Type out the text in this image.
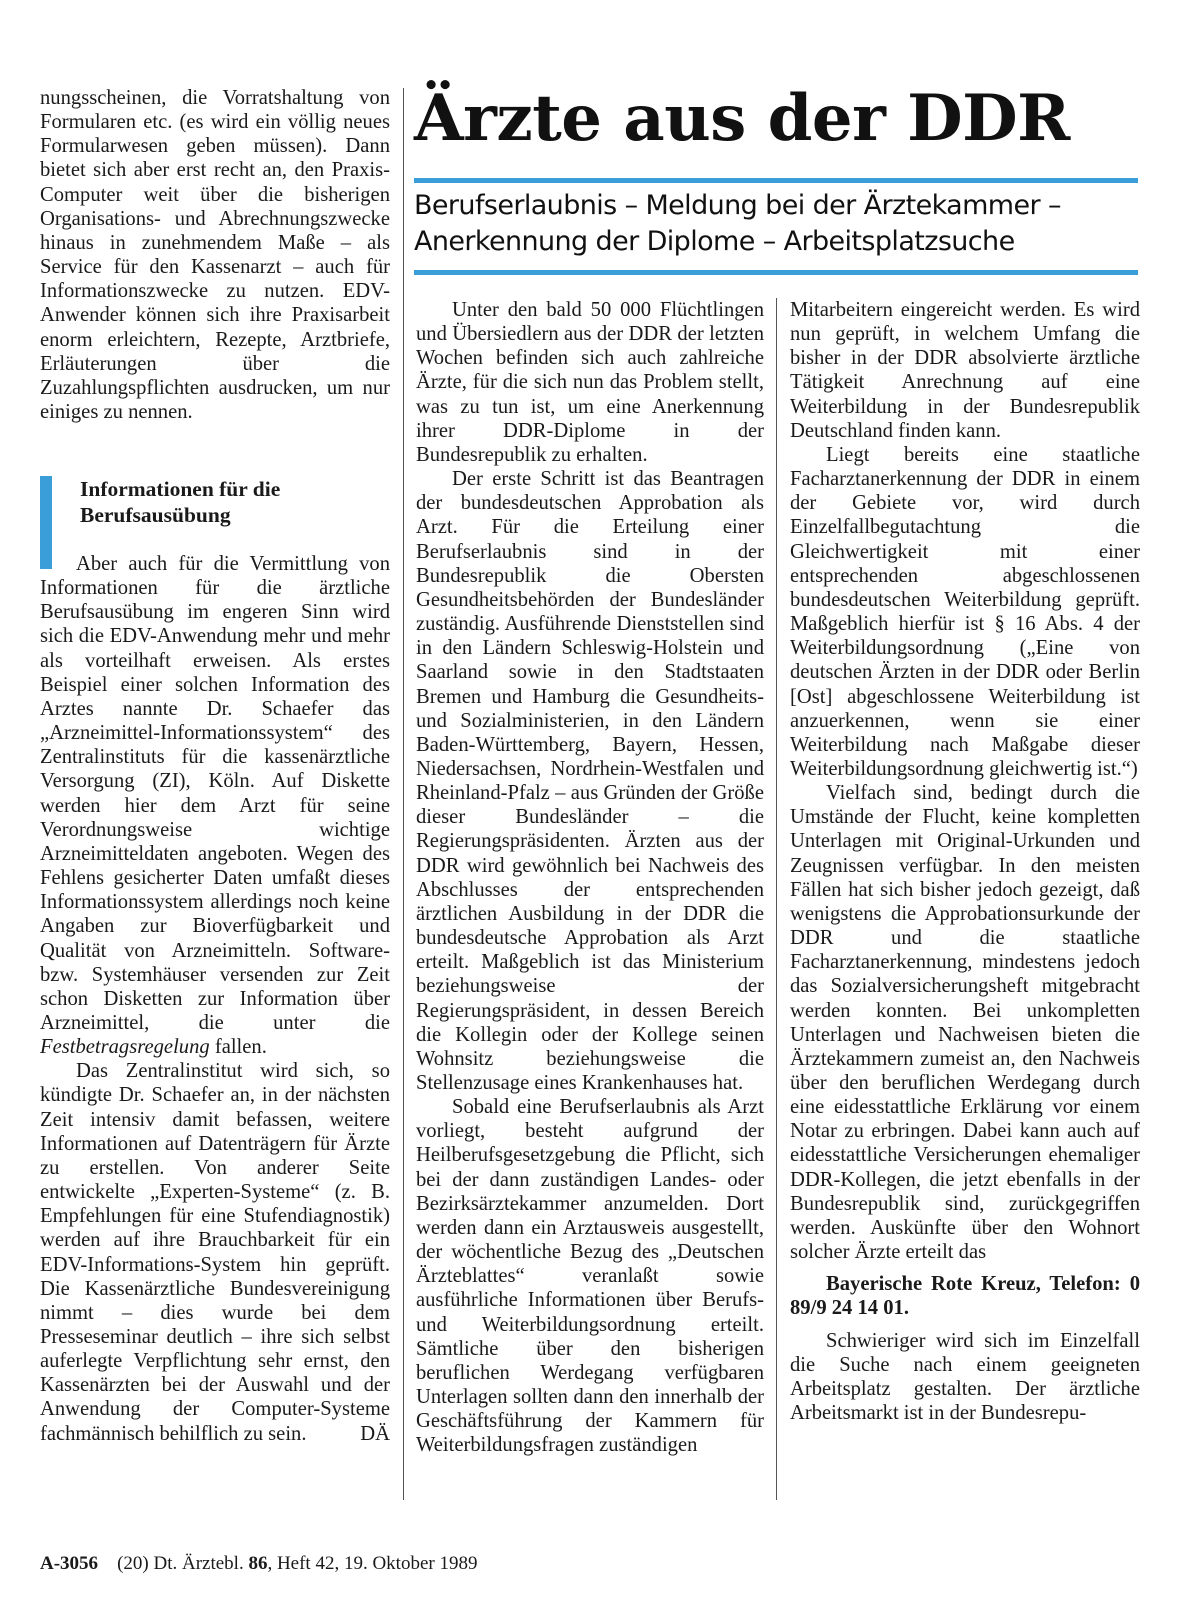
Ärzte aus der DDR
Berufserlaubnis – Meldung bei der Ärztekammer – Anerkennung der Diplome – Arbeitsplatzsuche

nungsscheinen, die Vorratshaltung von Formularen etc. (es wird ein völlig neues Formularwesen geben müssen). Dann bietet sich aber erst recht an, den Praxis-Computer weit über die bisherigen Organisations- und Abrechnungszwecke hinaus in zunehmendem Maße – als Service für den Kassenarzt – auch für Informationszwecke zu nutzen. EDV-Anwender können sich ihre Praxisarbeit enorm erleichtern, Rezepte, Arztbriefe, Erläuterungen über die Zuzahlungspflichten ausdrucken, um nur einiges zu nennen.

Informationen für die Berufsausübung

Aber auch für die Vermittlung von Informationen für die ärztliche Berufsausübung im engeren Sinn wird sich die EDV-Anwendung mehr und mehr als vorteilhaft erweisen. Als erstes Beispiel einer solchen Information des Arztes nannte Dr. Schaefer das „Arzneimittel-Informationssystem“ des Zentralinstituts für die kassenärztliche Versorgung (ZI), Köln. Auf Diskette werden hier dem Arzt für seine Verordnungsweise wichtige Arzneimitteldaten angeboten. Wegen des Fehlens gesicherter Daten umfaßt dieses Informationssystem allerdings noch keine Angaben zur Bioverfügbarkeit und Qualität von Arzneimitteln. Software- bzw. Systemhäuser versenden zur Zeit schon Disketten zur Information über Arzneimittel, die unter die Festbetragsregelung fallen.

Das Zentralinstitut wird sich, so kündigte Dr. Schaefer an, in der nächsten Zeit intensiv damit befassen, weitere Informationen auf Datenträgern für Ärzte zu erstellen. Von anderer Seite entwickelte „Experten-Systeme“ (z. B. Empfehlungen für eine Stufendiagnostik) werden auf ihre Brauchbarkeit für ein EDV-Informations-System hin geprüft. Die Kassenärztliche Bundesvereinigung nimmt – dies wurde bei dem Presseseminar deutlich – ihre sich selbst auferlegte Verpflichtung sehr ernst, den Kassenärzten bei der Auswahl und der Anwendung der Computer-Systeme fachmännisch behilflich zu sein.	DÄ

Unter den bald 50 000 Flüchtlingen und Übersiedlern aus der DDR der letzten Wochen befinden sich auch zahlreiche Ärzte, für die sich nun das Problem stellt, was zu tun ist, um eine Anerkennung ihrer DDR-Diplome in der Bundesrepublik zu erhalten.

Der erste Schritt ist das Beantragen der bundesdeutschen Approbation als Arzt. Für die Erteilung einer Berufserlaubnis sind in der Bundesrepublik die Obersten Gesundheitsbehörden der Bundesländer zuständig. Ausführende Dienststellen sind in den Ländern Schleswig-Holstein und Saarland sowie in den Stadtstaaten Bremen und Hamburg die Gesundheits- und Sozialministerien, in den Ländern Baden-Württemberg, Bayern, Hessen, Niedersachsen, Nordrhein-Westfalen und Rheinland-Pfalz – aus Gründen der Größe dieser Bundesländer – die Regierungspräsidenten. Ärzten aus der DDR wird gewöhnlich bei Nachweis des Abschlusses der entsprechenden ärztlichen Ausbildung in der DDR die bundesdeutsche Approbation als Arzt erteilt. Maßgeblich ist das Ministerium beziehungsweise der Regierungspräsident, in dessen Bereich die Kollegin oder der Kollege seinen Wohnsitz beziehungsweise die Stellenzusage eines Krankenhauses hat.

Sobald eine Berufserlaubnis als Arzt vorliegt, besteht aufgrund der Heilberufsgesetzgebung die Pflicht, sich bei der dann zuständigen Landes- oder Bezirksärztekammer anzumelden. Dort werden dann ein Arztausweis ausgestellt, der wöchentliche Bezug des „Deutschen Ärzteblattes“ veranlaßt sowie ausführliche Informationen über Berufs- und Weiterbildungsordnung erteilt. Sämtliche über den bisherigen beruflichen Werdegang verfügbaren Unterlagen sollten dann den innerhalb der Geschäftsführung der Kammern für Weiterbildungsfragen zuständigen

Mitarbeitern eingereicht werden. Es wird nun geprüft, in welchem Umfang die bisher in der DDR absolvierte ärztliche Tätigkeit Anrechnung auf eine Weiterbildung in der Bundesrepublik Deutschland finden kann.

Liegt bereits eine staatliche Facharztanerkennung der DDR in einem der Gebiete vor, wird durch Einzelfallbegutachtung die Gleichwertigkeit mit einer entsprechenden abgeschlossenen bundesdeutschen Weiterbildung geprüft. Maßgeblich hierfür ist § 16 Abs. 4 der Weiterbildungsordnung („Eine von deutschen Ärzten in der DDR oder Berlin [Ost] abgeschlossene Weiterbildung ist anzuerkennen, wenn sie einer Weiterbildung nach Maßgabe dieser Weiterbildungsordnung gleichwertig ist.“)

Vielfach sind, bedingt durch die Umstände der Flucht, keine kompletten Unterlagen mit Original-Urkunden und Zeugnissen verfügbar. In den meisten Fällen hat sich bisher jedoch gezeigt, daß wenigstens die Approbationsurkunde der DDR und die staatliche Facharztanerkennung, mindestens jedoch das Sozialversicherungsheft mitgebracht werden konnten. Bei unkompletten Unterlagen und Nachweisen bieten die Ärztekammern zumeist an, den Nachweis über den beruflichen Werdegang durch eine eidesstattliche Erklärung vor einem Notar zu erbringen. Dabei kann auch auf eidesstattliche Versicherungen ehemaliger DDR-Kollegen, die jetzt ebenfalls in der Bundesrepublik sind, zurückgegriffen werden. Auskünfte über den Wohnort solcher Ärzte erteilt das

Bayerische Rote Kreuz, Telefon: 0 89/9 24 14 01.

Schwieriger wird sich im Einzelfall die Suche nach einem geeigneten Arbeitsplatz gestalten. Der ärztliche Arbeitsmarkt ist in der Bundesrepu-

A-3056 (20) Dt. Ärztebl. 86, Heft 42, 19. Oktober 1989
